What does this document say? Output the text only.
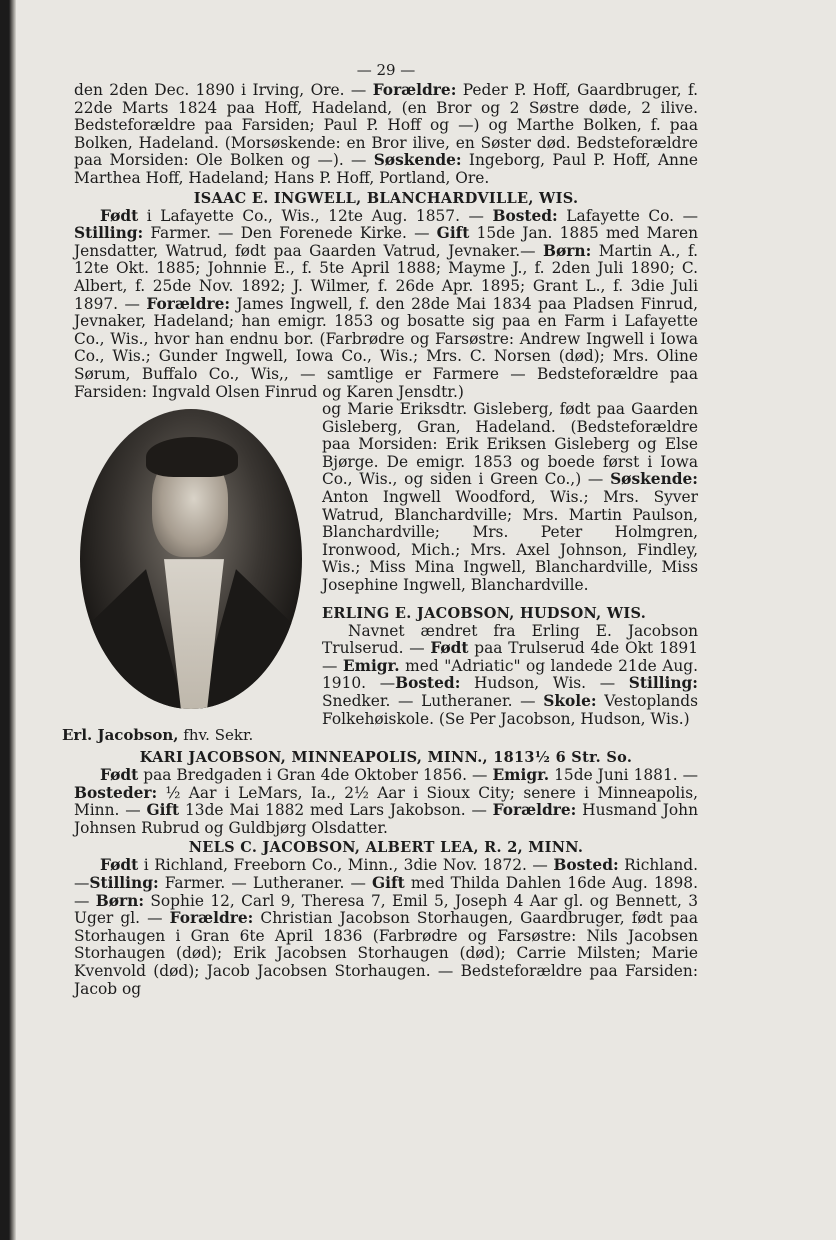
— 29 —

den 2den Dec. 1890 i Irving, Ore. — Forældre: Peder P. Hoff, Gaardbruger, f. 22de Marts 1824 paa Hoff, Hadeland, (en Bror og 2 Søstre døde, 2 ilive. Bedsteforældre paa Farsiden; Paul P. Hoff og —) og Marthe Bolken, f. paa Bolken, Hadeland. (Morsøskende: en Bror ilive, en Søster død. Bedsteforældre paa Morsiden: Ole Bolken og —). — Søskende: Ingeborg, Paul P. Hoff, Anne Marthea Hoff, Hadeland; Hans P. Hoff, Portland, Ore.

ISAAC E. INGWELL, BLANCHARDVILLE, WIS.

Født i Lafayette Co., Wis., 12te Aug. 1857. — Bosted: Lafayette Co. — Stilling: Farmer. — Den Forenede Kirke. — Gift 15de Jan. 1885 med Maren Jensdatter, Watrud, født paa Gaarden Vatrud, Jevnaker.— Børn: Martin A., f. 12te Okt. 1885; Johnnie E., f. 5te April 1888; Mayme J., f. 2den Juli 1890; C. Albert, f. 25de Nov. 1892; J. Wilmer, f. 26de Apr. 1895; Grant L., f. 3die Juli 1897. — Forældre: James Ingwell, f. den 28de Mai 1834 paa Pladsen Finrud, Jevnaker, Hadeland; han emigr. 1853 og bosatte sig paa en Farm i Lafayette Co., Wis., hvor han endnu bor. (Farbrødre og Farsøstre: Andrew Ingwell i Iowa Co., Wis.; Gunder Ingwell, Iowa Co., Wis.; Mrs. C. Norsen (død); Mrs. Oline Sørum, Buffalo Co., Wis,, — samtlige er Farmere — Bedsteforældre paa Farsiden: Ingvald Olsen Finrud og Karen Jensdtr.)

Erl. Jacobson, fhv. Sekr.

og Marie Eriksdtr. Gisleberg, født paa Gaarden Gisleberg, Gran, Hadeland. (Bedsteforældre paa Morsiden: Erik Eriksen Gisleberg og Else Bjørge. De emigr. 1853 og boede først i Iowa Co., Wis., og siden i Green Co.,) — Søskende: Anton Ingwell Woodford, Wis.; Mrs. Syver Watrud, Blanchardville; Mrs. Martin Paulson, Blanchardville; Mrs. Peter Holmgren, Ironwood, Mich.; Mrs. Axel Johnson, Findley, Wis.; Miss Mina Ingwell, Blanchardville, Miss Josephine Ingwell, Blanchardville.

ERLING E. JACOBSON, HUDSON, WIS.

Navnet ændret fra Erling E. Jacobson Trulserud. — Født paa Trulserud 4de Okt 1891 — Emigr. med "Adriatic" og landede 21de Aug. 1910. —Bosted: Hudson, Wis. — Stilling: Snedker. — Lutheraner. — Skole: Vestoplands Folkehøiskole. (Se Per Jacobson, Hudson, Wis.)

KARI JACOBSON, MINNEAPOLIS, MINN., 1813½ 6 Str. So.

Født paa Bredgaden i Gran 4de Oktober 1856. — Emigr. 15de Juni 1881. — Bosteder: ½ Aar i LeMars, Ia., 2½ Aar i Sioux City; senere i Minneapolis, Minn. — Gift 13de Mai 1882 med Lars Jakobson. — Forældre: Husmand John Johnsen Rubrud og Guldbjørg Olsdatter.

NELS C. JACOBSON, ALBERT LEA, R. 2, MINN.

Født i Richland, Freeborn Co., Minn., 3die Nov. 1872. — Bosted: Richland. —Stilling: Farmer. — Lutheraner. — Gift med Thilda Dahlen 16de Aug. 1898. — Børn: Sophie 12, Carl 9, Theresa 7, Emil 5, Joseph 4 Aar gl. og Bennett, 3 Uger gl. — Forældre: Christian Jacobson Storhaugen, Gaardbruger, født paa Storhaugen i Gran 6te April 1836 (Farbrødre og Farsøstre: Nils Jacobsen Storhaugen (død); Erik Jacobsen Storhaugen (død); Carrie Milsten; Marie Kvenvold (død); Jacob Jacobsen Storhaugen. — Bedsteforældre paa Farsiden: Jacob og
